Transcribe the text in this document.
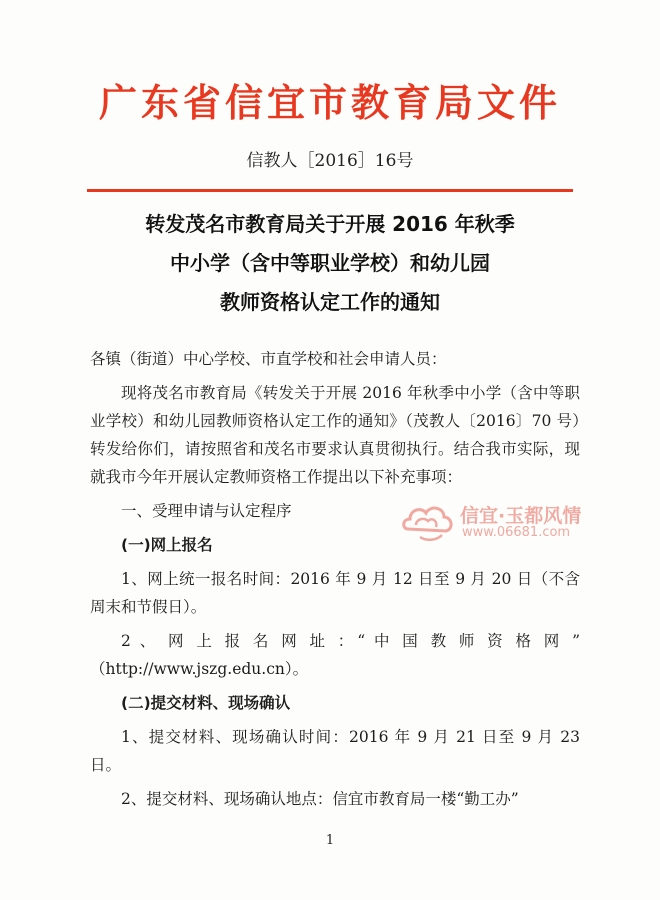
广东省信宜市教育局文件
信教人［2016］16号
转发茂名市教育局关于开展 2016 年秋季
中小学（含中等职业学校）和幼儿园
教师资格认定工作的通知

各镇（街道）中心学校、市直学校和社会申请人员：

现将茂名市教育局《转发关于开展 2016 年秋季中小学（含中等职业学校）和幼儿园教师资格认定工作的通知》（茂教人〔2016〕70 号）转发给你们，请按照省和茂名市要求认真贯彻执行。结合我市实际，现就我市今年开展认定教师资格工作提出以下补充事项：

一、受理申请与认定程序

(一)网上报名

1、网上统一报名时间：2016 年 9 月 12 日至 9 月 20 日（不含周末和节假日）。

2 、 网 上 报 名 网 址 ：“ 中 国 教 师 资 格 网 ” （http://www.jszg.edu.cn）。

(二)提交材料、现场确认

1、提交材料、现场确认时间：2016 年 9 月 21 日至 9 月 23 日。

2、提交材料、现场确认地点：信宜市教育局一楼“勤工办”

信宜·玉都风情
www.06681.com
1
